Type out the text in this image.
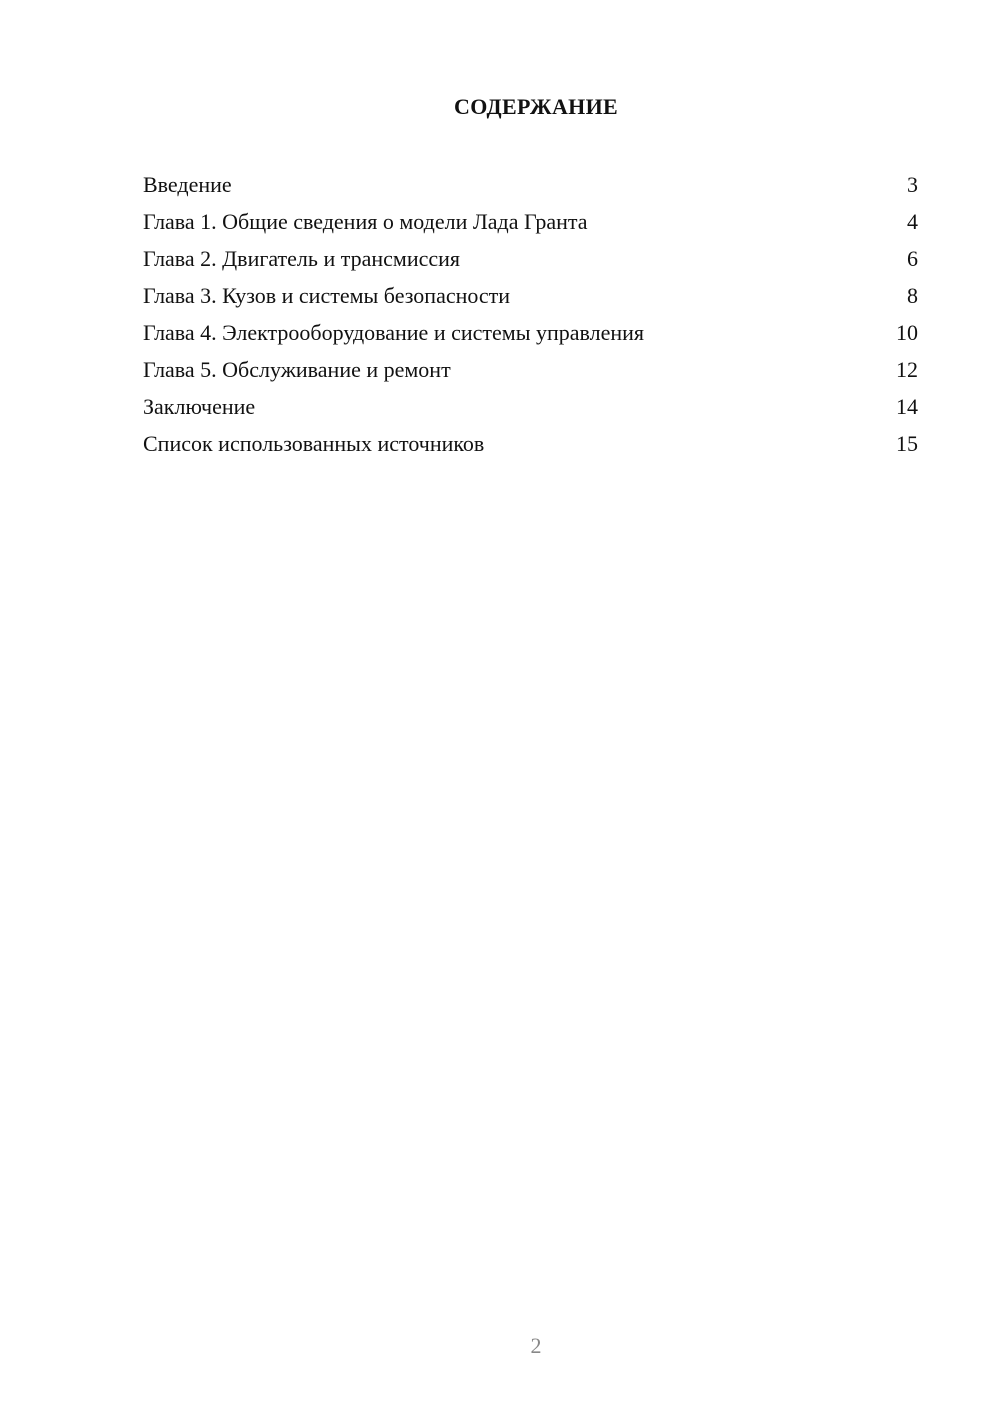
СОДЕРЖАНИЕ
Введение	3
Глава 1. Общие сведения о модели Лада Гранта	4
Глава 2. Двигатель и трансмиссия	6
Глава 3. Кузов и системы безопасности	8
Глава 4. Электрооборудование и системы управления	10
Глава 5. Обслуживание и ремонт	12
Заключение	14
Список использованных источников	15
2
